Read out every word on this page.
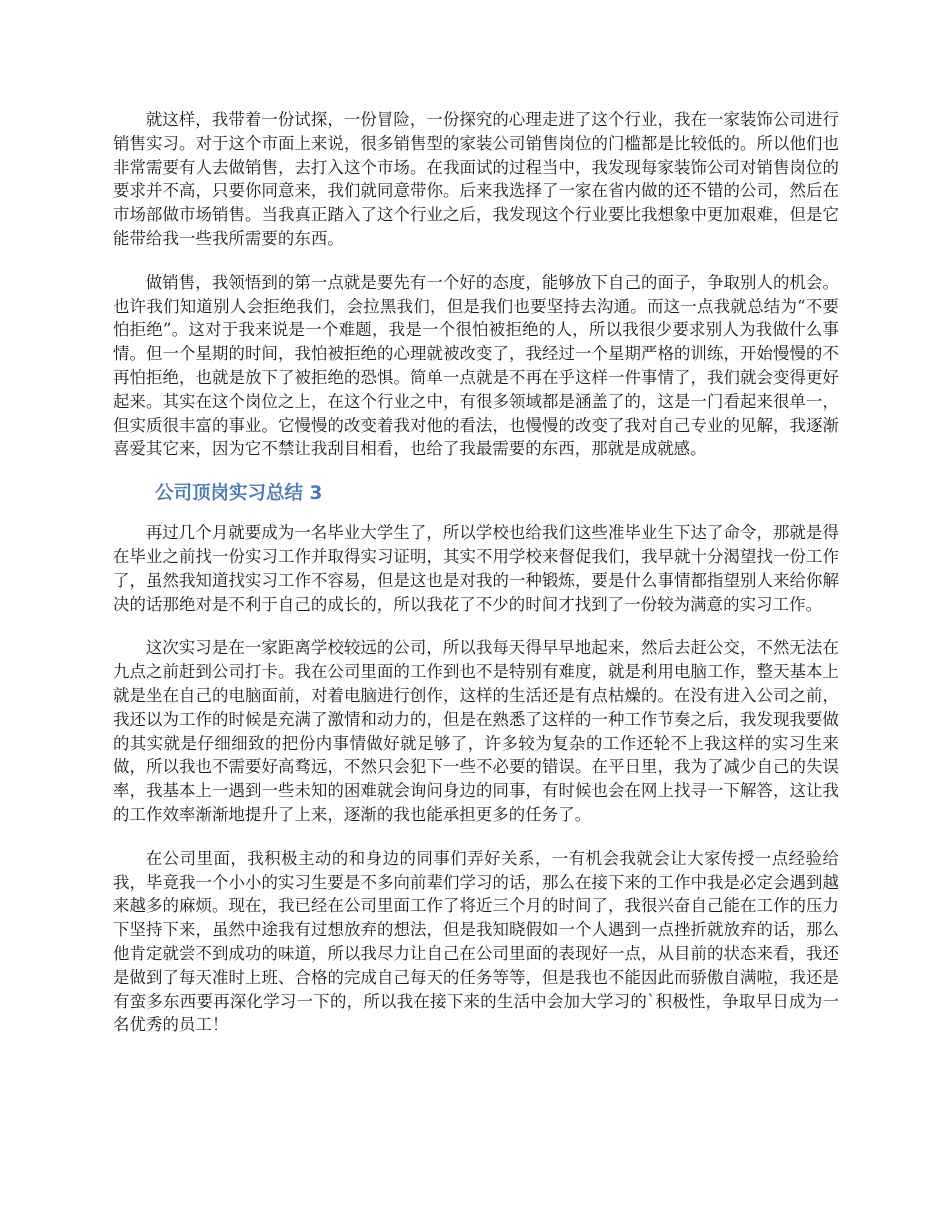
就这样，我带着一份试探，一份冒险，一份探究的心理走进了这个行业，我在一家装饰公司进行销售实习。对于这个市面上来说，很多销售型的家装公司销售岗位的门槛都是比较低的。所以他们也非常需要有人去做销售，去打入这个市场。在我面试的过程当中，我发现每家装饰公司对销售岗位的要求并不高，只要你同意来，我们就同意带你。后来我选择了一家在省内做的还不错的公司，然后在市场部做市场销售。当我真正踏入了这个行业之后，我发现这个行业要比我想象中更加艰难，但是它能带给我一些我所需要的东西。

做销售，我领悟到的第一点就是要先有一个好的态度，能够放下自己的面子，争取别人的机会。也许我们知道别人会拒绝我们，会拉黑我们，但是我们也要坚持去沟通。而这一点我就总结为“不要怕拒绝”。这对于我来说是一个难题，我是一个很怕被拒绝的人，所以我很少要求别人为我做什么事情。但一个星期的时间，我怕被拒绝的心理就被改变了，我经过一个星期严格的训练，开始慢慢的不再怕拒绝，也就是放下了被拒绝的恐惧。简单一点就是不再在乎这样一件事情了，我们就会变得更好起来。其实在这个岗位之上，在这个行业之中，有很多领域都是涵盖了的，这是一门看起来很单一，但实质很丰富的事业。它慢慢的改变着我对他的看法，也慢慢的改变了我对自己专业的见解，我逐渐喜爱其它来，因为它不禁让我刮目相看，也给了我最需要的东西，那就是成就感。

公司顶岗实习总结 3

再过几个月就要成为一名毕业大学生了，所以学校也给我们这些准毕业生下达了命令，那就是得在毕业之前找一份实习工作并取得实习证明，其实不用学校来督促我们，我早就十分渴望找一份工作了，虽然我知道找实习工作不容易，但是这也是对我的一种锻炼，要是什么事情都指望别人来给你解决的话那绝对是不利于自己的成长的，所以我花了不少的时间才找到了一份较为满意的实习工作。

这次实习是在一家距离学校较远的公司，所以我每天得早早地起来，然后去赶公交，不然无法在九点之前赶到公司打卡。我在公司里面的工作到也不是特别有难度，就是利用电脑工作，整天基本上就是坐在自己的电脑面前，对着电脑进行创作，这样的生活还是有点枯燥的。在没有进入公司之前，我还以为工作的时候是充满了激情和动力的，但是在熟悉了这样的一种工作节奏之后，我发现我要做的其实就是仔细细致的把份内事情做好就足够了，许多较为复杂的工作还轮不上我这样的实习生来做，所以我也不需要好高骛远，不然只会犯下一些不必要的错误。在平日里，我为了减少自己的失误率，我基本上一遇到一些未知的困难就会询问身边的同事，有时候也会在网上找寻一下解答，这让我的工作效率渐渐地提升了上来，逐渐的我也能承担更多的任务了。

在公司里面，我积极主动的和身边的同事们弄好关系，一有机会我就会让大家传授一点经验给我，毕竟我一个小小的实习生要是不多向前辈们学习的话，那么在接下来的工作中我是必定会遇到越来越多的麻烦。现在，我已经在公司里面工作了将近三个月的时间了，我很兴奋自己能在工作的压力下坚持下来，虽然中途我有过想放弃的想法，但是我知晓假如一个人遇到一点挫折就放弃的话，那么他肯定就尝不到成功的味道，所以我尽力让自己在公司里面的表现好一点，从目前的状态来看，我还是做到了每天准时上班、合格的完成自己每天的任务等等，但是我也不能因此而骄傲自满啦，我还是有蛮多东西要再深化学习一下的，所以我在接下来的生活中会加大学习的`积极性，争取早日成为一名优秀的员工！
